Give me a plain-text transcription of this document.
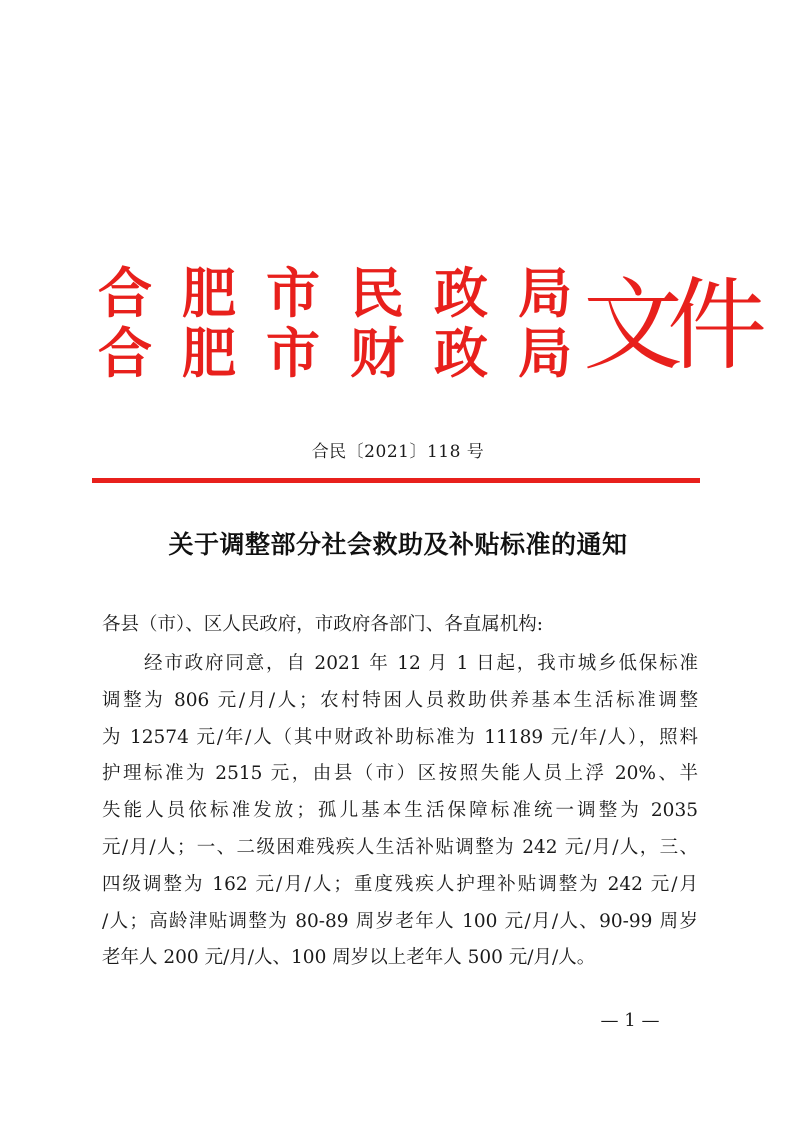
合 肥 市 民 政 局
合 肥 市 财 政 局 文件
合民〔2021〕118 号
关于调整部分社会救助及补贴标准的通知
各县（市）、区人民政府，市政府各部门、各直属机构:
经市政府同意，自 2021 年 12 月 1 日起，我市城乡低保标准
调整为 806 元/月/人；农村特困人员救助供养基本生活标准调整
为 12574 元/年/人（其中财政补助标准为 11189 元/年/人），照料
护理标准为 2515 元，由县（市）区按照失能人员上浮 20%、半
失能人员依标准发放；孤儿基本生活保障标准统一调整为 2035
元/月/人；一、二级困难残疾人生活补贴调整为 242 元/月/人，三、
四级调整为 162 元/月/人；重度残疾人护理补贴调整为 242 元/月
/人；高龄津贴调整为 80-89 周岁老年人 100 元/月/人、90-99 周岁
老年人 200 元/月/人、100 周岁以上老年人 500 元/月/人。
— 1 —
